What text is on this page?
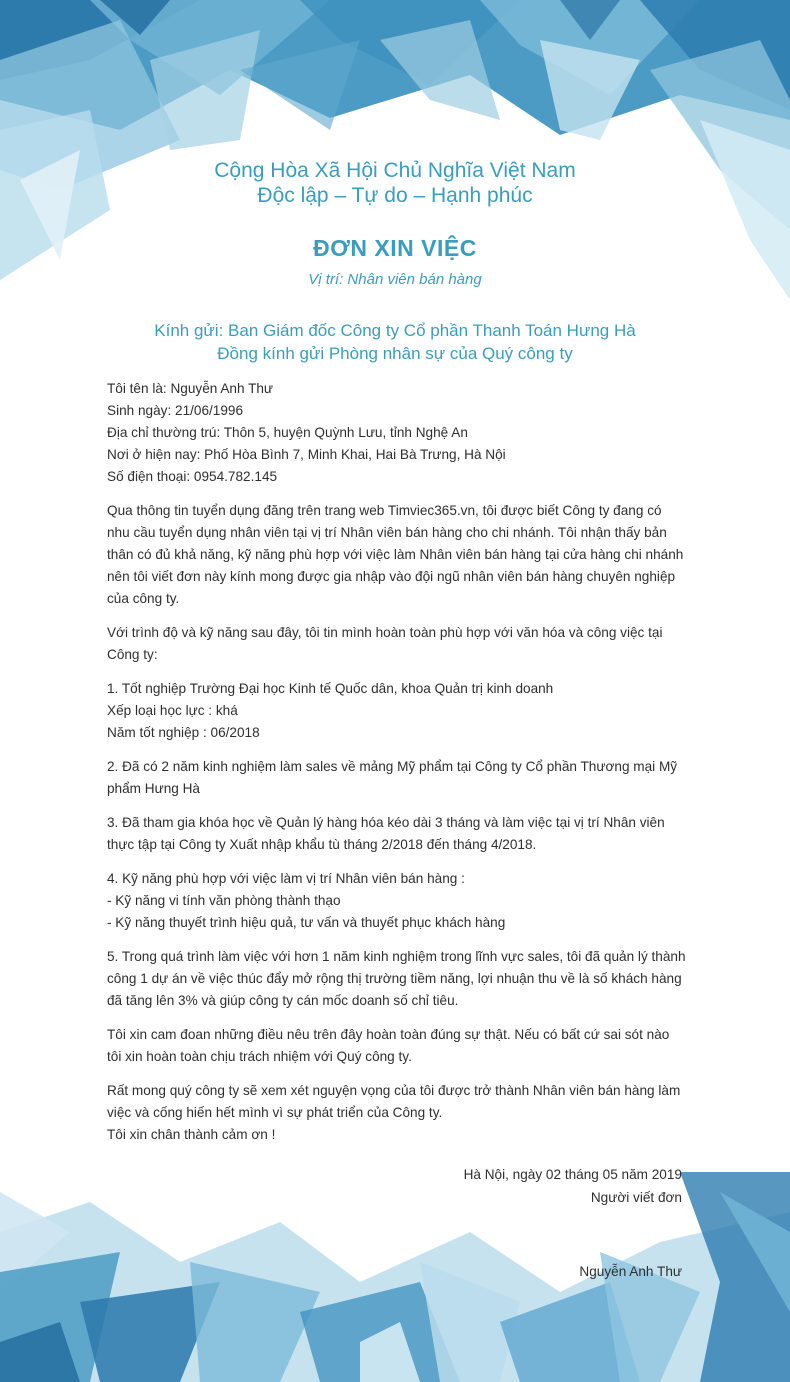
Cộng Hòa Xã Hội Chủ Nghĩa Việt Nam
Độc lập – Tự do – Hạnh phúc
ĐƠN XIN VIỆC
Vị trí: Nhân viên bán hàng
Kính gửi: Ban Giám đốc Công ty Cổ phần Thanh Toán Hưng Hà
Đồng kính gửi Phòng nhân sự của Quý công ty

Tôi tên là: Nguyễn Anh Thư

Sinh ngày: 21/06/1996

Địa chỉ thường trú: Thôn 5, huyện Quỳnh Lưu, tỉnh Nghệ An

Nơi ở hiện nay: Phố Hòa Bình 7, Minh Khai, Hai Bà Trưng, Hà Nội

Số điện thoại: 0954.782.145

Qua thông tin tuyển dụng đăng trên trang web Timviec365.vn, tôi được biết Công ty đang có nhu cầu tuyển dụng nhân viên tại vị trí Nhân viên bán hàng cho chi nhánh. Tôi nhận thấy bản thân có đủ khả năng, kỹ năng phù hợp với việc làm Nhân viên bán hàng tại cửa hàng chi nhánh nên tôi viết đơn này kính mong được gia nhập vào đội ngũ nhân viên bán hàng chuyên nghiệp của công ty.

Với trình độ và kỹ năng sau đây, tôi tin mình hoàn toàn phù hợp với văn hóa và công việc tại Công ty:

1. Tốt nghiệp Trường Đại học Kinh tế Quốc dân, khoa Quản trị kinh doanh
Xếp loại học lực : khá
Năm tốt nghiệp : 06/2018

2. Đã có 2 năm kinh nghiệm làm sales về mảng Mỹ phẩm tại Công ty Cổ phần Thương mại Mỹ phẩm Hưng Hà

3. Đã tham gia khóa học về Quản lý hàng hóa kéo dài 3 tháng và làm việc tại vị trí Nhân viên thực tập tại Công ty Xuất nhập khẩu tù tháng 2/2018 đến tháng 4/2018.

4. Kỹ năng phù hợp với việc làm vị trí Nhân viên bán hàng :
- Kỹ năng vi tính văn phòng thành thạo
- Kỹ năng thuyết trình hiệu quả, tư vấn và thuyết phục khách hàng

5. Trong quá trình làm việc với hơn 1 năm kinh nghiệm trong lĩnh vực sales, tôi đã quản lý thành công 1 dự án về việc thúc đẩy mở rộng thị trường tiềm năng, lợi nhuận thu về là số khách hàng đã tăng lên 3% và giúp công ty cán mốc doanh số chỉ tiêu.

Tôi xin cam đoan những điều nêu trên đây hoàn toàn đúng sự thật. Nếu có bất cứ sai sót nào tôi xin hoàn toàn chịu trách nhiệm với Quý công ty.

Rất mong quý công ty sẽ xem xét nguyện vọng của tôi được trở thành Nhân viên bán hàng làm việc và cống hiến hết mình vì sự phát triển của Công ty.
Tôi xin chân thành cảm ơn !

Hà Nội, ngày 02 tháng 05 năm 2019
Người viết đơn
Nguyễn Anh Thư
